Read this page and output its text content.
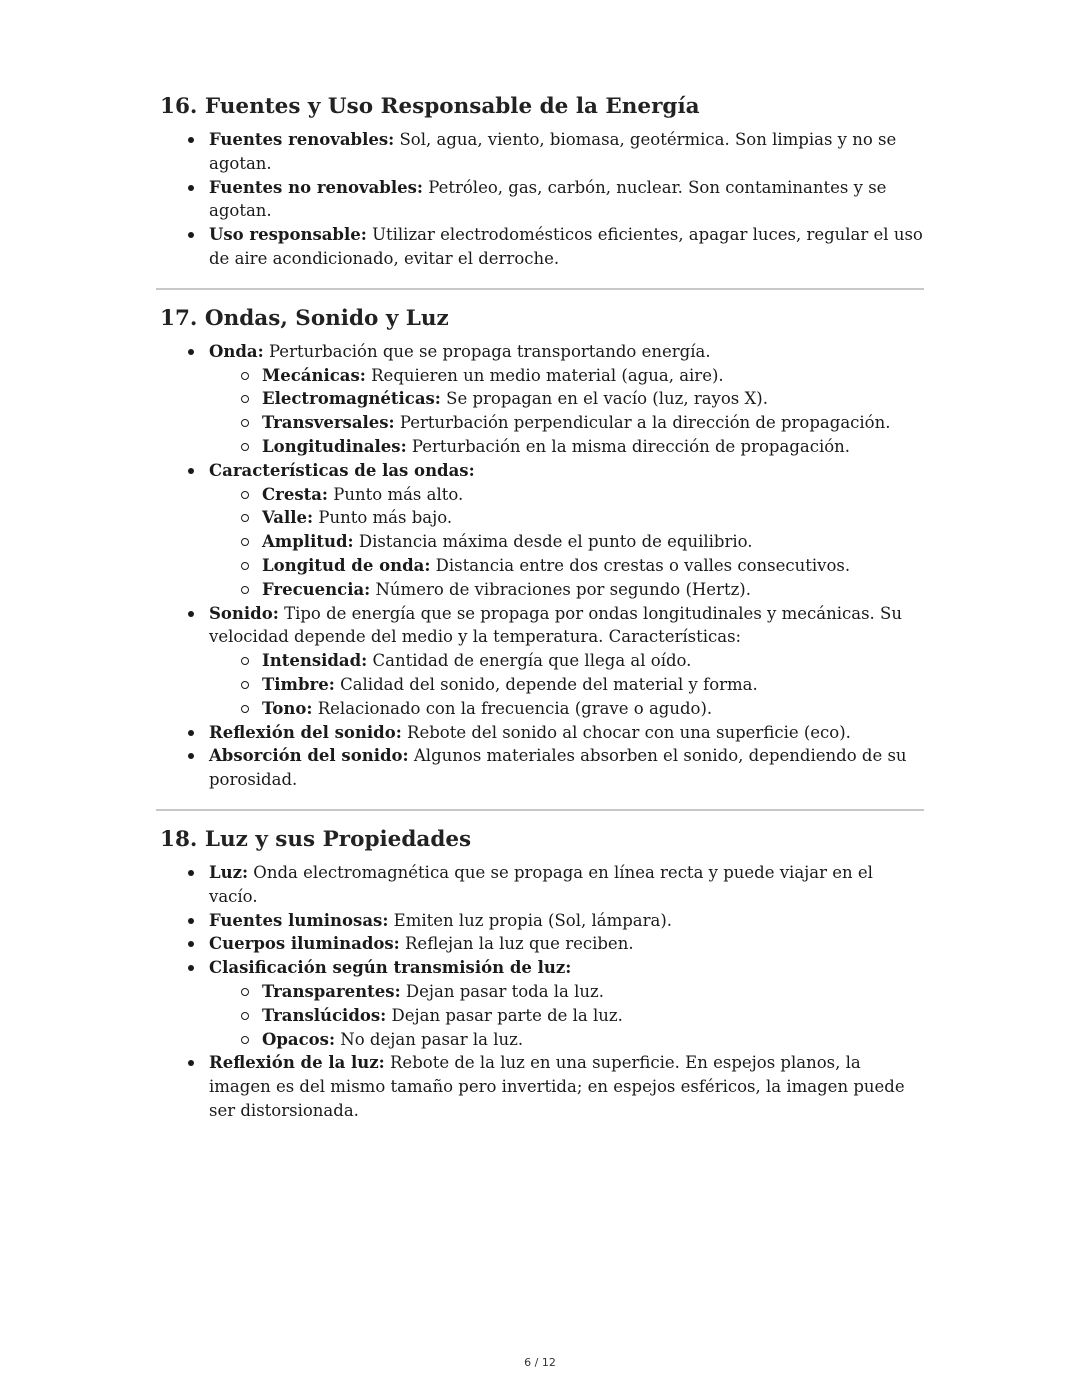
16. Fuentes y Uso Responsable de la Energía
Fuentes renovables: Sol, agua, viento, biomasa, geotérmica. Son limpias y no se agotan.
Fuentes no renovables: Petróleo, gas, carbón, nuclear. Son contaminantes y se agotan.
Uso responsable: Utilizar electrodomésticos eficientes, apagar luces, regular el uso de aire acondicionado, evitar el derroche.
17. Ondas, Sonido y Luz
Onda: Perturbación que se propaga transportando energía.
Mecánicas: Requieren un medio material (agua, aire).
Electromagnéticas: Se propagan en el vacío (luz, rayos X).
Transversales: Perturbación perpendicular a la dirección de propagación.
Longitudinales: Perturbación en la misma dirección de propagación.
Características de las ondas:
Cresta: Punto más alto.
Valle: Punto más bajo.
Amplitud: Distancia máxima desde el punto de equilibrio.
Longitud de onda: Distancia entre dos crestas o valles consecutivos.
Frecuencia: Número de vibraciones por segundo (Hertz).
Sonido: Tipo de energía que se propaga por ondas longitudinales y mecánicas. Su velocidad depende del medio y la temperatura. Características:
Intensidad: Cantidad de energía que llega al oído.
Timbre: Calidad del sonido, depende del material y forma.
Tono: Relacionado con la frecuencia (grave o agudo).
Reflexión del sonido: Rebote del sonido al chocar con una superficie (eco).
Absorción del sonido: Algunos materiales absorben el sonido, dependiendo de su porosidad.
18. Luz y sus Propiedades
Luz: Onda electromagnética que se propaga en línea recta y puede viajar en el vacío.
Fuentes luminosas: Emiten luz propia (Sol, lámpara).
Cuerpos iluminados: Reflejan la luz que reciben.
Clasificación según transmisión de luz:
Transparentes: Dejan pasar toda la luz.
Translúcidos: Dejan pasar parte de la luz.
Opacos: No dejan pasar la luz.
Reflexión de la luz: Rebote de la luz en una superficie. En espejos planos, la imagen es del mismo tamaño pero invertida; en espejos esféricos, la imagen puede ser distorsionada.
6 / 12
